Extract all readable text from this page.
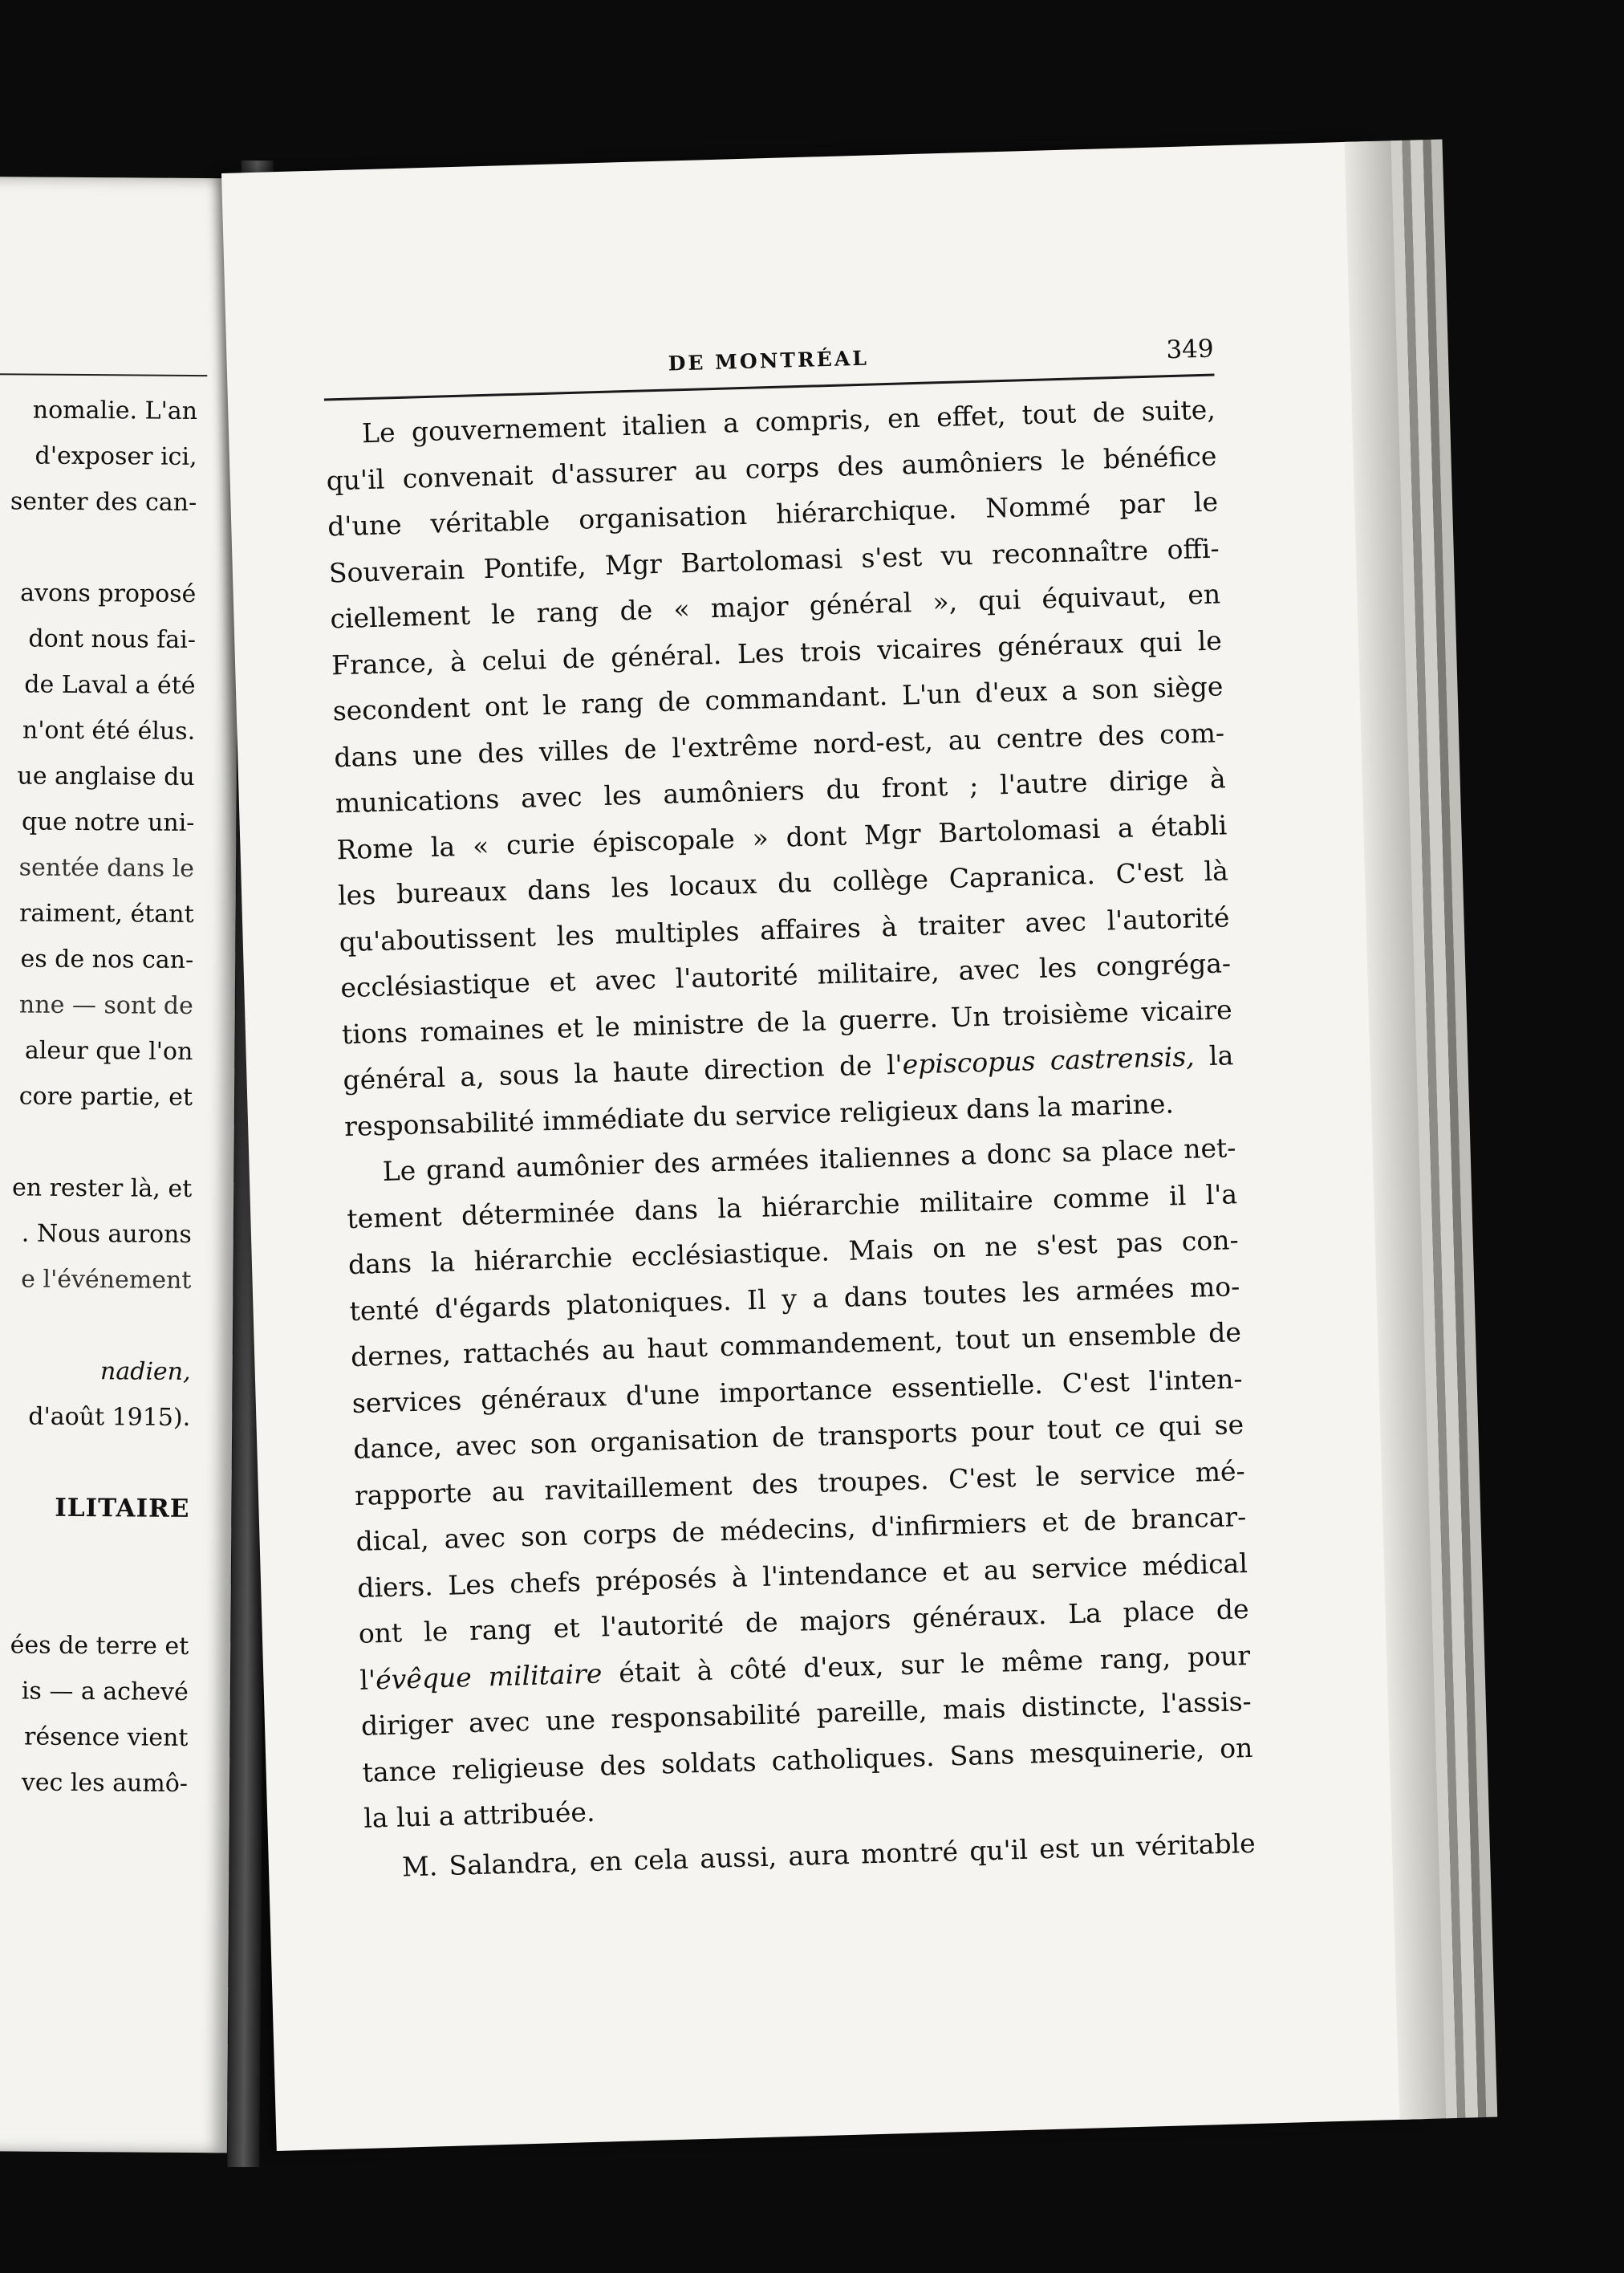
nomalie. L'an
d'exposer ici,
senter des can-
avons proposé
dont nous fai-
de Laval a été
n'ont été élus.
ue anglaise du
que notre uni-
sentée dans le
raiment, étant
es de nos can-
nne — sont de
aleur que l'on
core partie, et
en rester là, et
. Nous aurons
e l'événement
nadien,
d'août 1915).
ILITAIRE
ées de terre et
is — a achevé
résence vient
vec les aumô-
DE MONTRÉAL	349
Le gouvernement italien a compris, en effet, tout de suite,
qu'il convenait d'assurer au corps des aumôniers le bénéfice
d'une véritable organisation hiérarchique. Nommé par le
Souverain Pontife, Mgr Bartolomasi s'est vu reconnaître offi-
ciellement le rang de « major général », qui équivaut, en
France, à celui de général. Les trois vicaires généraux qui le
secondent ont le rang de commandant. L'un d'eux a son siège
dans une des villes de l'extrême nord-est, au centre des com-
munications avec les aumôniers du front ; l'autre dirige à
Rome la « curie épiscopale » dont Mgr Bartolomasi a établi
les bureaux dans les locaux du collège Capranica. C'est là
qu'aboutissent les multiples affaires à traiter avec l'autorité
ecclésiastique et avec l'autorité militaire, avec les congréga-
tions romaines et le ministre de la guerre. Un troisième vicaire
général a, sous la haute direction de l'episcopus castrensis, la
responsabilité immédiate du service religieux dans la marine.
Le grand aumônier des armées italiennes a donc sa place net-
tement déterminée dans la hiérarchie militaire comme il l'a
dans la hiérarchie ecclésiastique. Mais on ne s'est pas con-
tenté d'égards platoniques. Il y a dans toutes les armées mo-
dernes, rattachés au haut commandement, tout un ensemble de
services généraux d'une importance essentielle. C'est l'inten-
dance, avec son organisation de transports pour tout ce qui se
rapporte au ravitaillement des troupes. C'est le service mé-
dical, avec son corps de médecins, d'infirmiers et de brancar-
diers. Les chefs préposés à l'intendance et au service médical
ont le rang et l'autorité de majors généraux. La place de
l'évêque militaire était à côté d'eux, sur le même rang, pour
diriger avec une responsabilité pareille, mais distincte, l'assis-
tance religieuse des soldats catholiques. Sans mesquinerie, on
la lui a attribuée.
M. Salandra, en cela aussi, aura montré qu'il est un véritable
